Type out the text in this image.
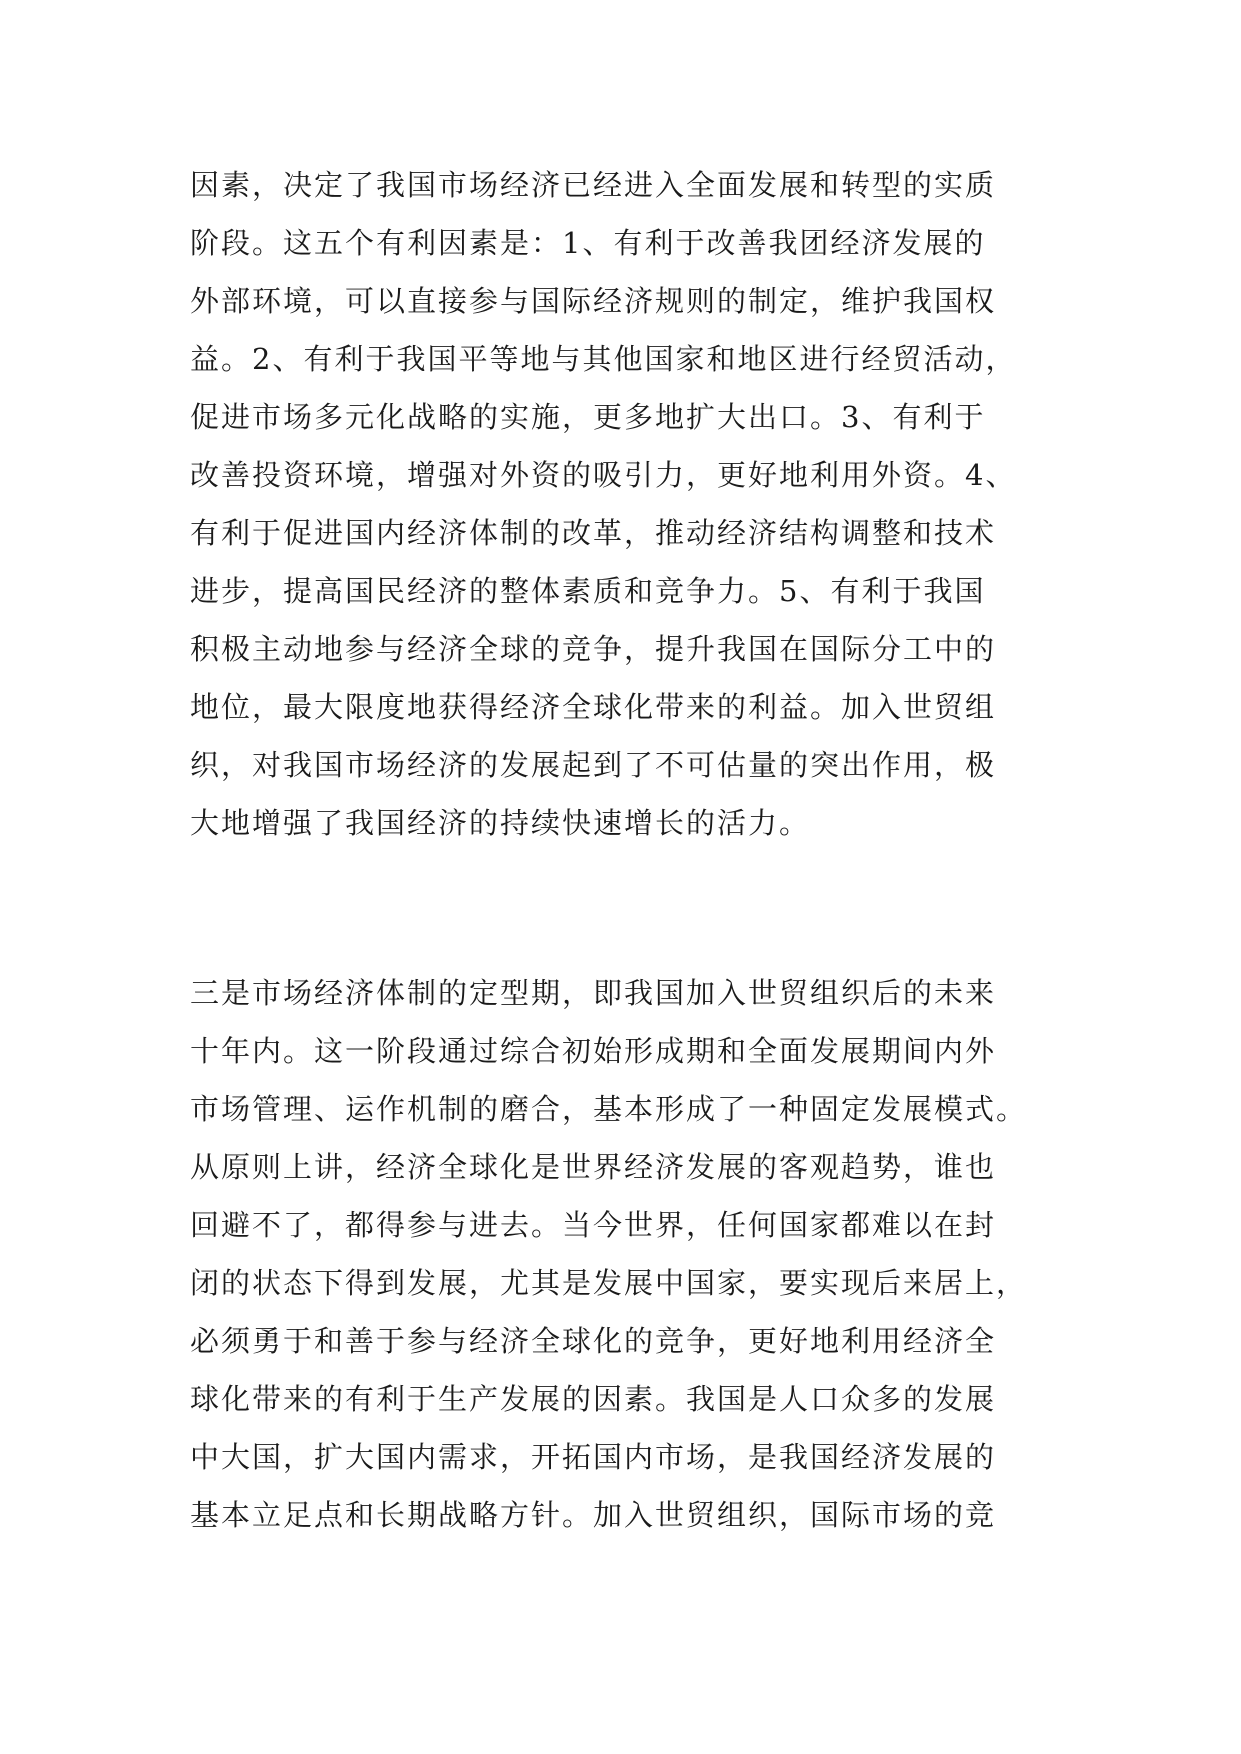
因素，决定了我国市场经济已经进入全面发展和转型的实质
阶段。这五个有利因素是：1、有利于改善我团经济发展的
外部环境，可以直接参与国际经济规则的制定，维护我国权
益。2、有利于我国平等地与其他国家和地区进行经贸活动，
促进市场多元化战略的实施，更多地扩大出口。3、有利于
改善投资环境，增强对外资的吸引力，更好地利用外资。4、
有利于促进国内经济体制的改革，推动经济结构调整和技术
进步，提高国民经济的整体素质和竞争力。5、有利于我国
积极主动地参与经济全球的竞争，提升我国在国际分工中的
地位，最大限度地获得经济全球化带来的利益。加入世贸组
织，对我国市场经济的发展起到了不可估量的突出作用，极
大地增强了我国经济的持续快速增长的活力。
三是市场经济体制的定型期，即我国加入世贸组织后的未来
十年内。这一阶段通过综合初始形成期和全面发展期间内外
市场管理、运作机制的磨合，基本形成了一种固定发展模式。
从原则上讲，经济全球化是世界经济发展的客观趋势，谁也
回避不了，都得参与进去。当今世界，任何国家都难以在封
闭的状态下得到发展，尤其是发展中国家，要实现后来居上，
必须勇于和善于参与经济全球化的竞争，更好地利用经济全
球化带来的有利于生产发展的因素。我国是人口众多的发展
中大国，扩大国内需求，开拓国内市场，是我国经济发展的
基本立足点和长期战略方针。加入世贸组织，国际市场的竞
